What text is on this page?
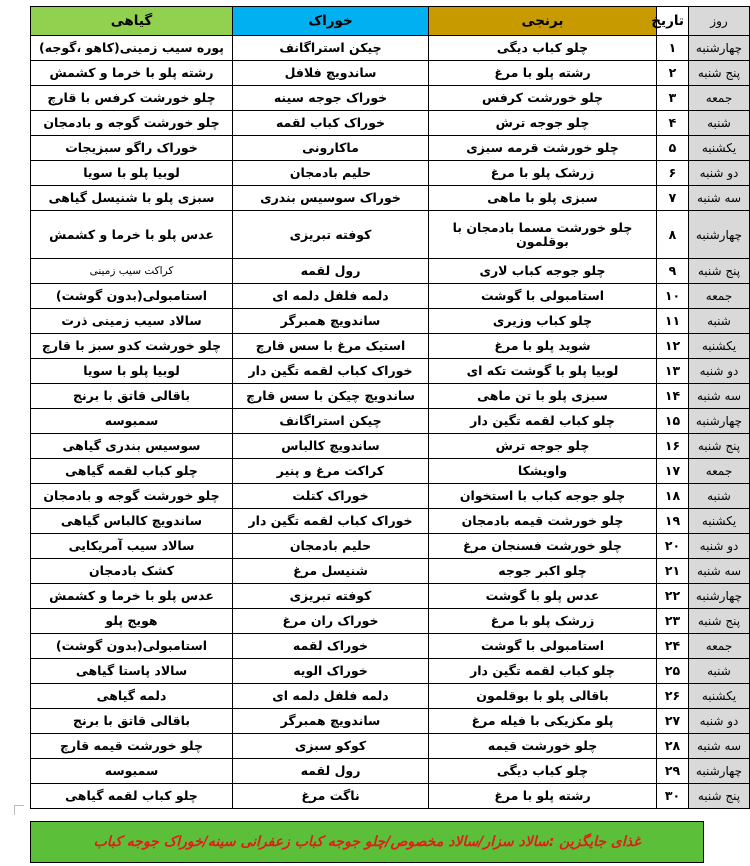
روز	تاریخ	برنجی	خوراک	گیاهی
چهارشنبه	۱	چلو کباب دیگی	چیکن استراگانف	پوره سیب زمینی(کاهو ،گوجه)
پنج شنبه	۲	رشته پلو با مرغ	ساندویچ فلافل	رشته پلو با خرما و کشمش
جمعه	۳	چلو خورشت کرفس	خوراک جوجه سینه	چلو خورشت کرفس با قارچ
شنبه	۴	چلو جوجه ترش	خوراک کباب لقمه	چلو خورشت گوجه و بادمجان
یکشنبه	۵	چلو خورشت قرمه سبزی	ماکارونی	خوراک راگو سبزیجات
دو شنبه	۶	زرشک پلو با مرغ	حلیم بادمجان	لوبیا پلو با سویا
سه شنبه	۷	سبزی پلو با ماهی	خوراک سوسیس بندری	سبزی پلو با شنیسل گیاهی
چهارشنبه	۸	چلو خورشت مسما بادمجان با بوقلمون	کوفته تبریزی	عدس پلو با خرما و کشمش
پنج شنبه	۹	چلو جوجه کباب لاری	رول لقمه	کراکت سیب زمینی
جمعه	۱۰	استامبولی با گوشت	دلمه فلفل دلمه ای	استامبولی(بدون گوشت)
شنبه	۱۱	چلو کباب وزیری	ساندویچ همبرگر	سالاد سیب زمینی ذرت
یکشنبه	۱۲	شوید پلو با مرغ	استیک مرغ با سس قارچ	چلو خورشت کدو سبز با قارچ
دو شنبه	۱۳	لوبیا پلو با گوشت تکه ای	خوراک کباب لقمه تگین دار	لوبیا پلو با سویا
سه شنبه	۱۴	سبزی پلو با تن ماهی	ساندویچ چیکن با سس قارچ	باقالی قاتق با برنج
چهارشنبه	۱۵	چلو کباب لقمه تگین دار	چیکن استراگانف	سمبوسه
پنج شنبه	۱۶	چلو جوجه ترش	ساندویچ کالباس	سوسیس بندری گیاهی
جمعه	۱۷	واویشکا	کراکت مرغ و پنیر	چلو کباب لقمه گیاهی
شنبه	۱۸	چلو جوجه کباب با استخوان	خوراک کتلت	چلو خورشت گوجه و بادمجان
یکشنبه	۱۹	چلو خورشت قیمه بادمجان	خوراک کباب لقمه تگین دار	ساندویچ کالباس گیاهی
دو شنبه	۲۰	چلو خورشت فسنجان مرغ	حلیم بادمجان	سالاد سیب آمریکایی
سه شنبه	۲۱	چلو اکبر جوجه	شنیسل مرغ	کشک بادمجان
چهارشنبه	۲۲	عدس پلو با گوشت	کوفته تبریزی	عدس پلو با خرما و کشمش
پنج شنبه	۲۳	زرشک پلو با مرغ	خوراک ران مرغ	هویج پلو
جمعه	۲۴	استامبولی با گوشت	خوراک لقمه	استامبولی(بدون گوشت)
شنبه	۲۵	چلو کباب لقمه تگین دار	خوراک الویه	سالاد پاستا گیاهی
یکشنبه	۲۶	باقالی پلو با بوقلمون	دلمه فلفل دلمه ای	دلمه گیاهی
دو شنبه	۲۷	پلو مکزیکی با فیله مرغ	ساندویچ همبرگر	باقالی قاتق با برنج
سه شنبه	۲۸	چلو خورشت قیمه	کوکو سبزی	چلو خورشت قیمه قارچ
چهارشنبه	۲۹	چلو کباب دیگی	رول لقمه	سمبوسه
پنج شنبه	۳۰	رشته پلو با مرغ	ناگت مرغ	چلو کباب لقمه گیاهی
غذای جایگزین :سالاد سزار/سالاد مخصوص/چلو جوجه کباب زعفرانی سینه/خوراک جوجه کباب
